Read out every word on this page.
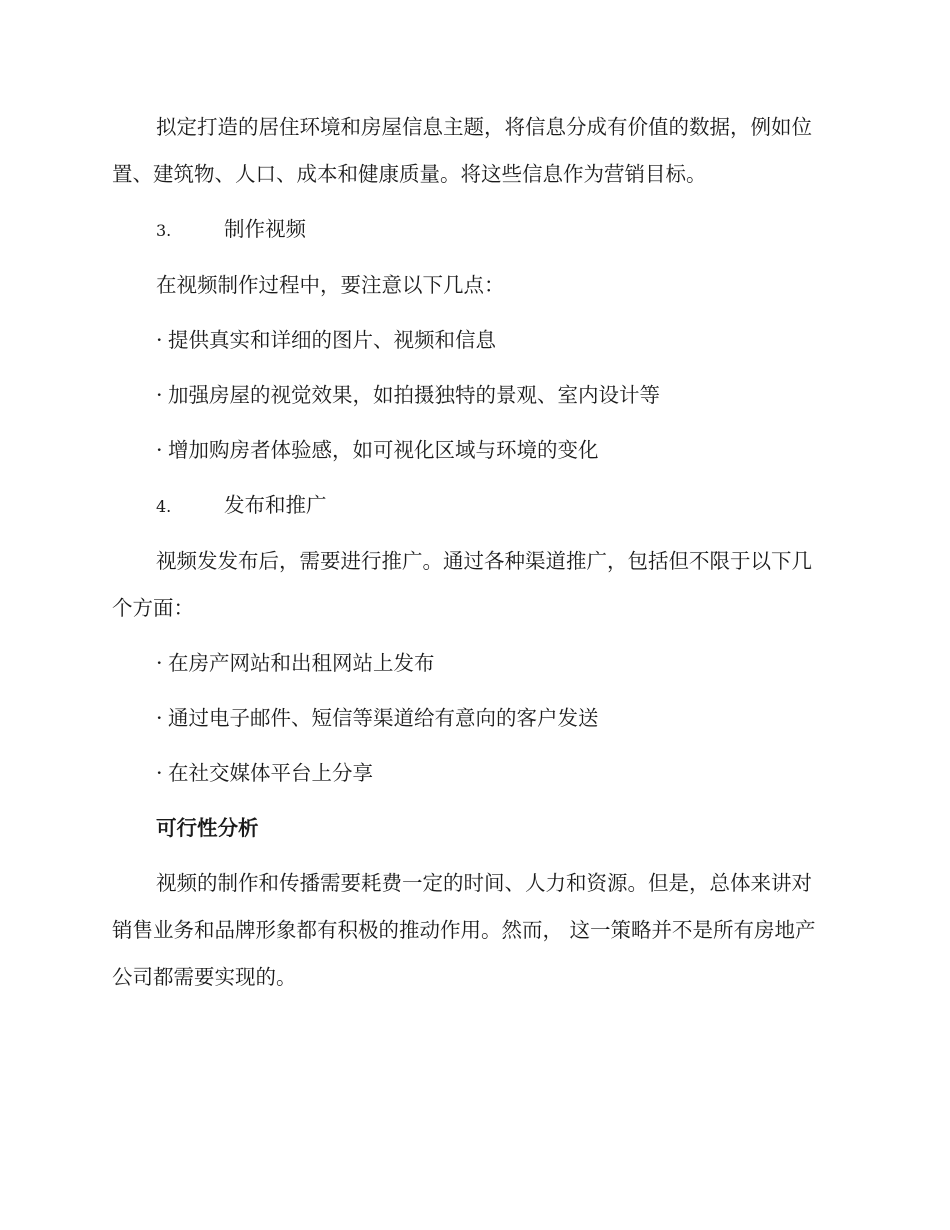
拟定打造的居住环境和房屋信息主题，将信息分成有价值的数据，例如位置、建筑物、人口、成本和健康质量。将这些信息作为营销目标。

3.	制作视频

在视频制作过程中，要注意以下几点：

· 提供真实和详细的图片、视频和信息
· 加强房屋的视觉效果，如拍摄独特的景观、室内设计等
· 增加购房者体验感，如可视化区域与环境的变化
4.	发布和推广

视频发发布后，需要进行推广。通过各种渠道推广，包括但不限于以下几个方面：

· 在房产网站和出租网站上发布
· 通过电子邮件、短信等渠道给有意向的客户发送
· 在社交媒体平台上分享
可行性分析

视频的制作和传播需要耗费一定的时间、人力和资源。但是，总体来讲对销售业务和品牌形象都有积极的推动作用。然而， 这一策略并不是所有房地产公司都需要实现的。
